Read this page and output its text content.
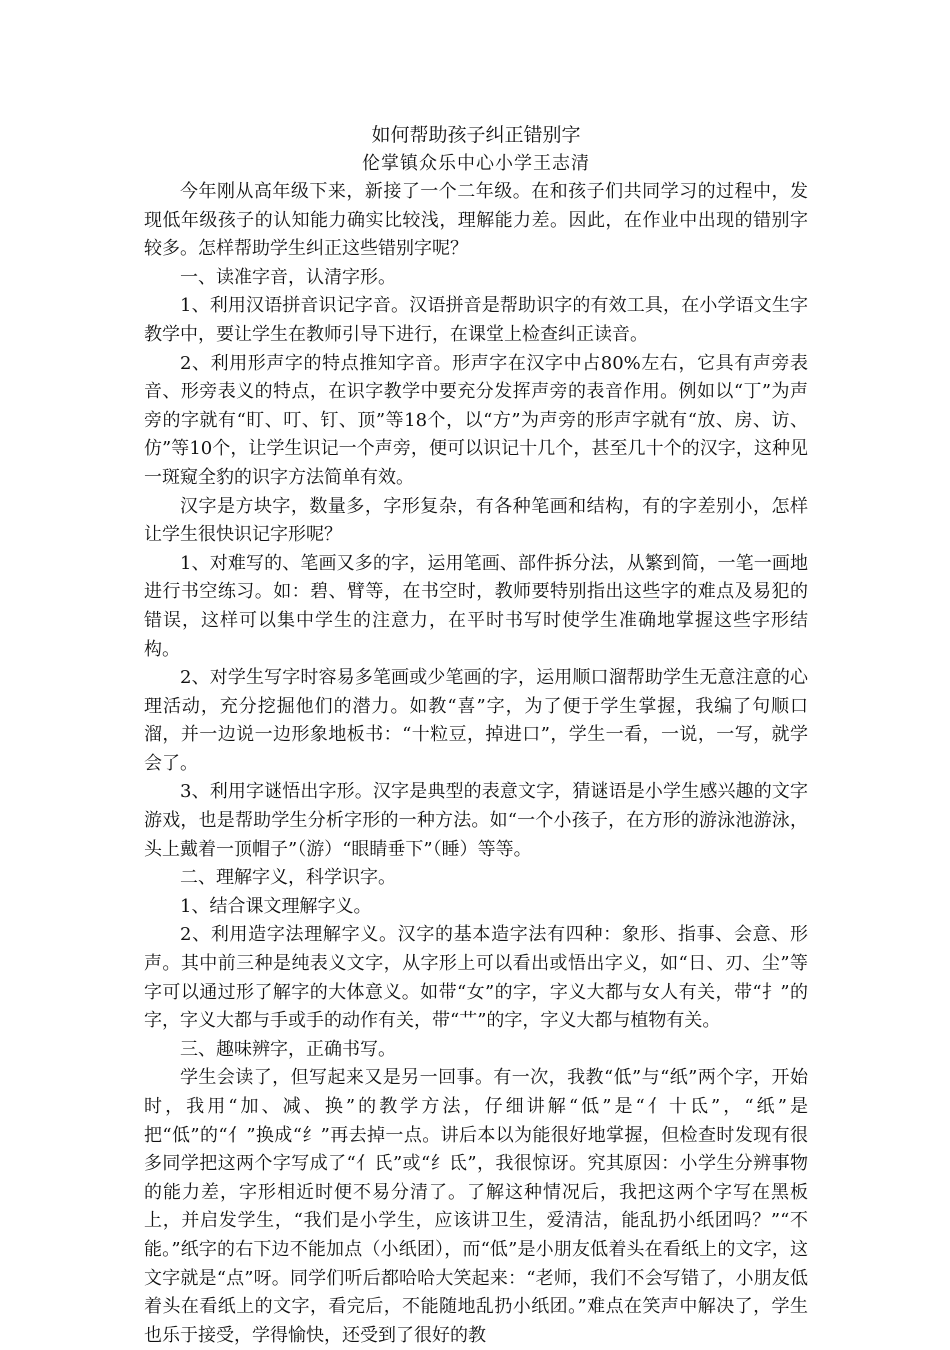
如何帮助孩子纠正错别字

伦掌镇众乐中心小学王志清

今年刚从高年级下来，新接了一个二年级。在和孩子们共同学习的过程中，发现低年级孩子的认知能力确实比较浅，理解能力差。因此，在作业中出现的错别字较多。怎样帮助学生纠正这些错别字呢？

一、读准字音，认清字形。

1、利用汉语拼音识记字音。汉语拼音是帮助识字的有效工具，在小学语文生字教学中，要让学生在教师引导下进行，在课堂上检查纠正读音。

2、利用形声字的特点推知字音。形声字在汉字中占80%左右，它具有声旁表音、形旁表义的特点，在识字教学中要充分发挥声旁的表音作用。例如以“丁”为声旁的字就有“盯、叮、钉、顶”等18个，以“方”为声旁的形声字就有“放、房、访、仿”等10个，让学生识记一个声旁，便可以识记十几个，甚至几十个的汉字，这种见一斑窥全豹的识字方法简单有效。

汉字是方块字，数量多，字形复杂，有各种笔画和结构，有的字差别小，怎样让学生很快识记字形呢？

1、对难写的、笔画又多的字，运用笔画、部件拆分法，从繁到简，一笔一画地进行书空练习。如：碧、臂等，在书空时，教师要特别指出这些字的难点及易犯的错误，这样可以集中学生的注意力，在平时书写时使学生准确地掌握这些字形结构。

2、对学生写字时容易多笔画或少笔画的字，运用顺口溜帮助学生无意注意的心理活动，充分挖掘他们的潜力。如教“喜”字，为了便于学生掌握，我编了句顺口溜，并一边说一边形象地板书：“十粒豆，掉进口”，学生一看，一说，一写，就学会了。

3、利用字谜悟出字形。汉字是典型的表意文字，猜谜语是小学生感兴趣的文字游戏，也是帮助学生分析字形的一种方法。如“一个小孩子，在方形的游泳池游泳，头上戴着一顶帽子”（游）“眼睛垂下”（睡）等等。

二、理解字义，科学识字。

1、结合课文理解字义。

2、利用造字法理解字义。汉字的基本造字法有四种：象形、指事、会意、形声。其中前三种是纯表义文字，从字形上可以看出或悟出字义，如“日、刃、尘”等字可以通过形了解字的大体意义。如带“女”的字，字义大都与女人有关，带“扌”的字，字义大都与手或手的动作有关，带“艹”的字，字义大都与植物有关。

三、趣味辨字，正确书写。

学生会读了，但写起来又是另一回事。有一次，我教“低”与“纸”两个字，开始时，我用“加、减、换”的教学方法，仔细讲解“低”是“亻十氐”，“纸”是把“低”的“亻”换成“纟”再去掉一点。讲后本以为能很好地掌握，但检查时发现有很多同学把这两个字写成了“亻氏”或“纟氐”，我很惊讶。究其原因：小学生分辨事物的能力差，字形相近时便不易分清了。了解这种情况后，我把这两个字写在黑板上，并启发学生，“我们是小学生，应该讲卫生，爱清洁，能乱扔小纸团吗？”“不能。”纸字的右下边不能加点（小纸团），而“低”是小朋友低着头在看纸上的文字，这文字就是“点”呀。同学们听后都哈哈大笑起来：“老师，我们不会写错了，小朋友低着头在看纸上的文字，看完后，不能随地乱扔小纸团。”难点在笑声中解决了，学生也乐于接受，学得愉快，还受到了很好的教
